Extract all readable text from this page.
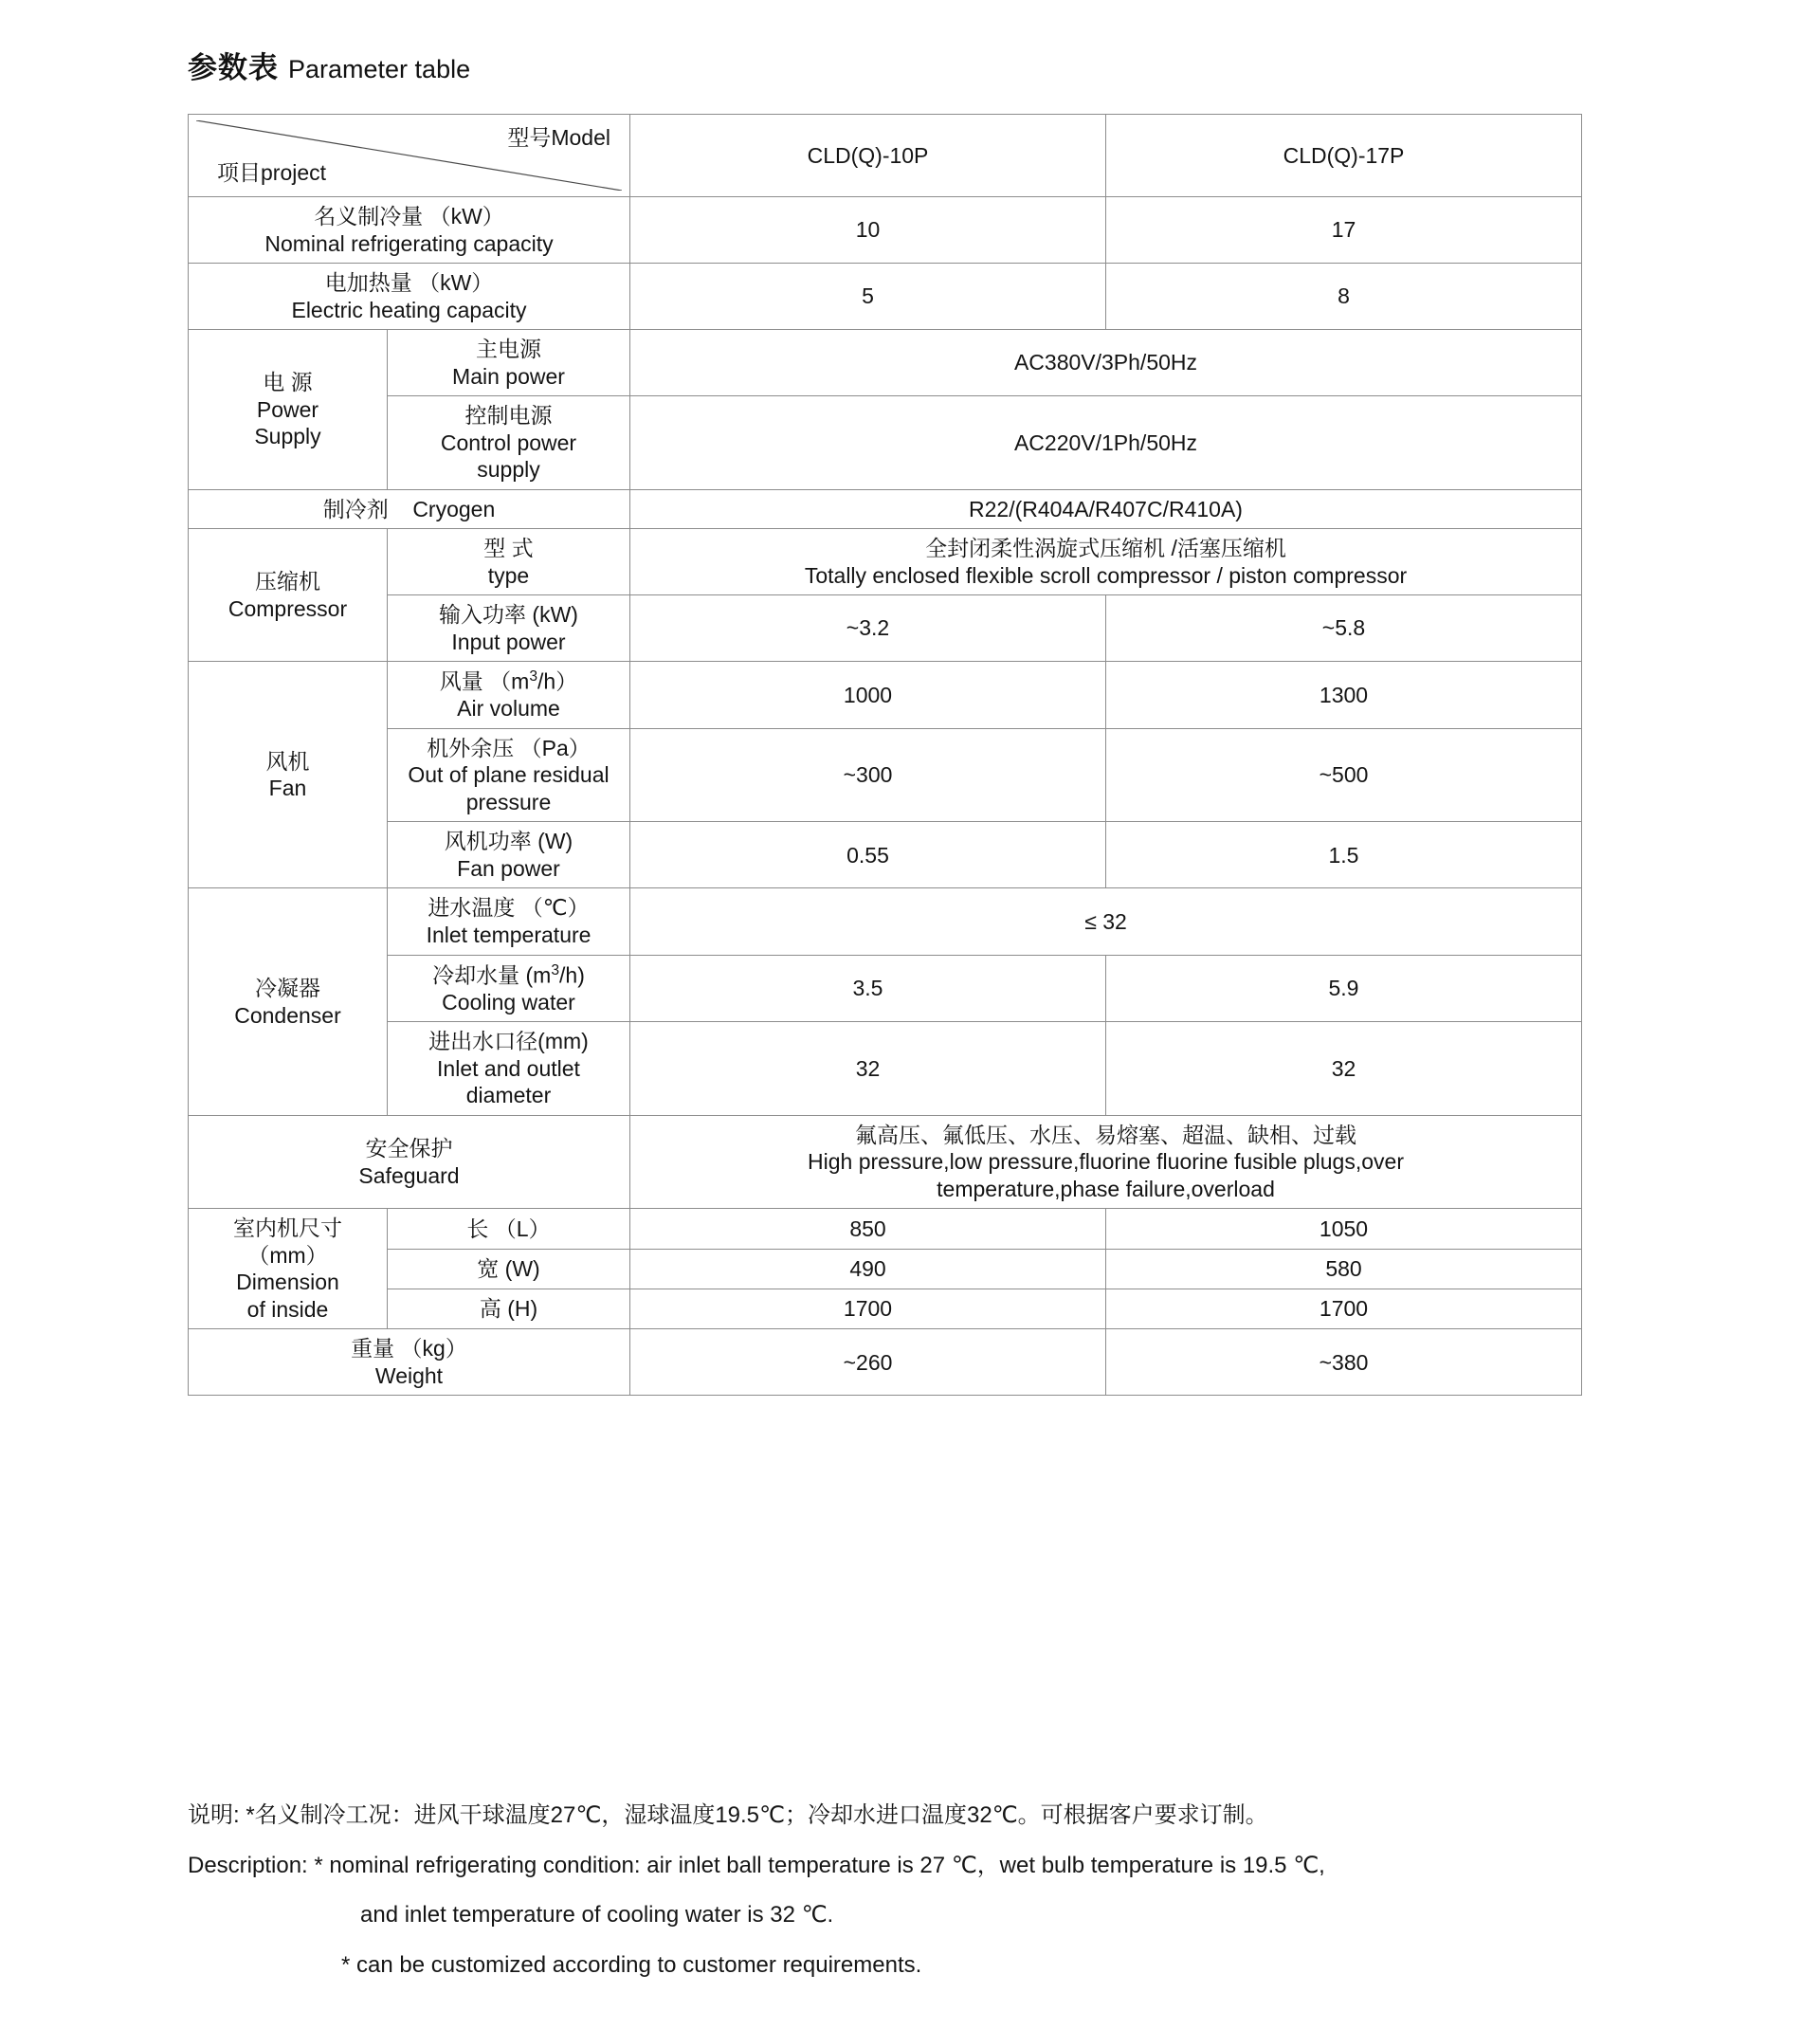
参数表 Parameter table
型号Model
项目project		CLD(Q)-10P	CLD(Q)-17P

名义制冷量 （kW）
Nominal refrigerating capacity		10	17

电加热量 （kW）
Electric heating capacity		5	8

电 源
Power
Supply	主电源
Main power	AC380V/3Ph/50Hz	

	控制电源
Control power
supply	AC220V/1Ph/50Hz	
制冷剂 Cryogen		R22/(R404A/R407C/R410A)	

压缩机
Compressor	型 式
type	全封闭柔性涡旋式压缩机 /活塞压缩机
Totally enclosed flexible scroll compressor / piston compressor	

	输入功率 (kW)
Input power	~3.2	~5.8

风机
Fan	风量 $(m^3/h)$
Air volume	1000	1300

	机外余压 （Pa）
Out of plane residual
pressure	~300	~500

	风机功率 (W)
Fan power	0.55	1.5

冷凝器
Condenser	进水温度 （℃）
Inlet temperature	≤ 32	

	冷却水量 $(m^3/h)$
Cooling water	3.5	5.9

	进出水口径(mm)
Inlet and outlet
diameter	32	32

安全保护
Safeguard		氟高压、氟低压、水压、易熔塞、超温、缺相、过载
High pressure,low pressure,fluorine fluorine fusible plugs,over
temperature,phase failure,overload	

室内机尺寸
（mm）
Dimension
of inside	长 （L）	850	1050
	宽 (W)	490	580
	高 (H)	1700	1700

重量 （kg）
Weight		~260	~380
说明: *名义制冷工况：进风干球温度27℃，湿球温度19.5℃；冷却水进口温度32℃。可根据客户要求订制。
Description: * nominal refrigerating condition: air inlet ball temperature is 27 ℃，wet bulb temperature is 19.5 ℃,
and inlet temperature of cooling water is 32 ℃.
* can be customized according to customer requirements.
